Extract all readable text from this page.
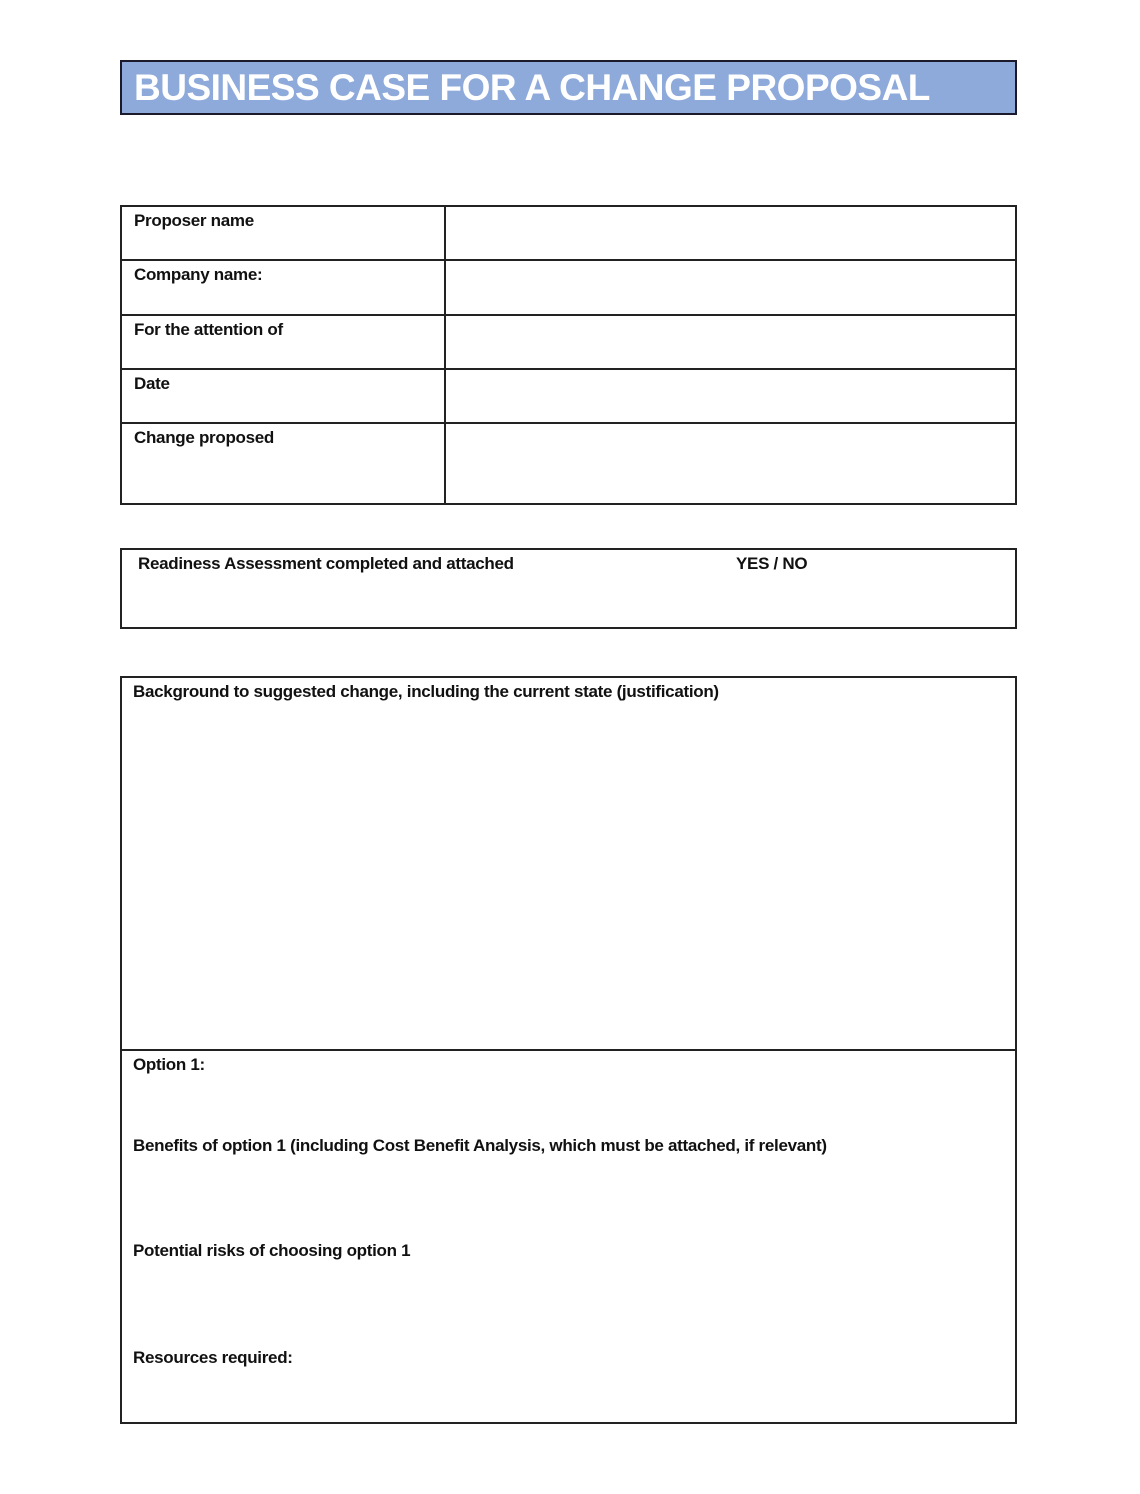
BUSINESS CASE FOR A CHANGE PROPOSAL
Proposer name	
Company name:	
For the attention of	
Date	
Change proposed	
Readiness Assessment completed and attached	YES / NO
Background to suggested change, including the current state (justification)
Option 1:
Benefits of option 1 (including Cost Benefit Analysis, which must be attached, if relevant)
Potential risks of choosing option 1
Resources required:
